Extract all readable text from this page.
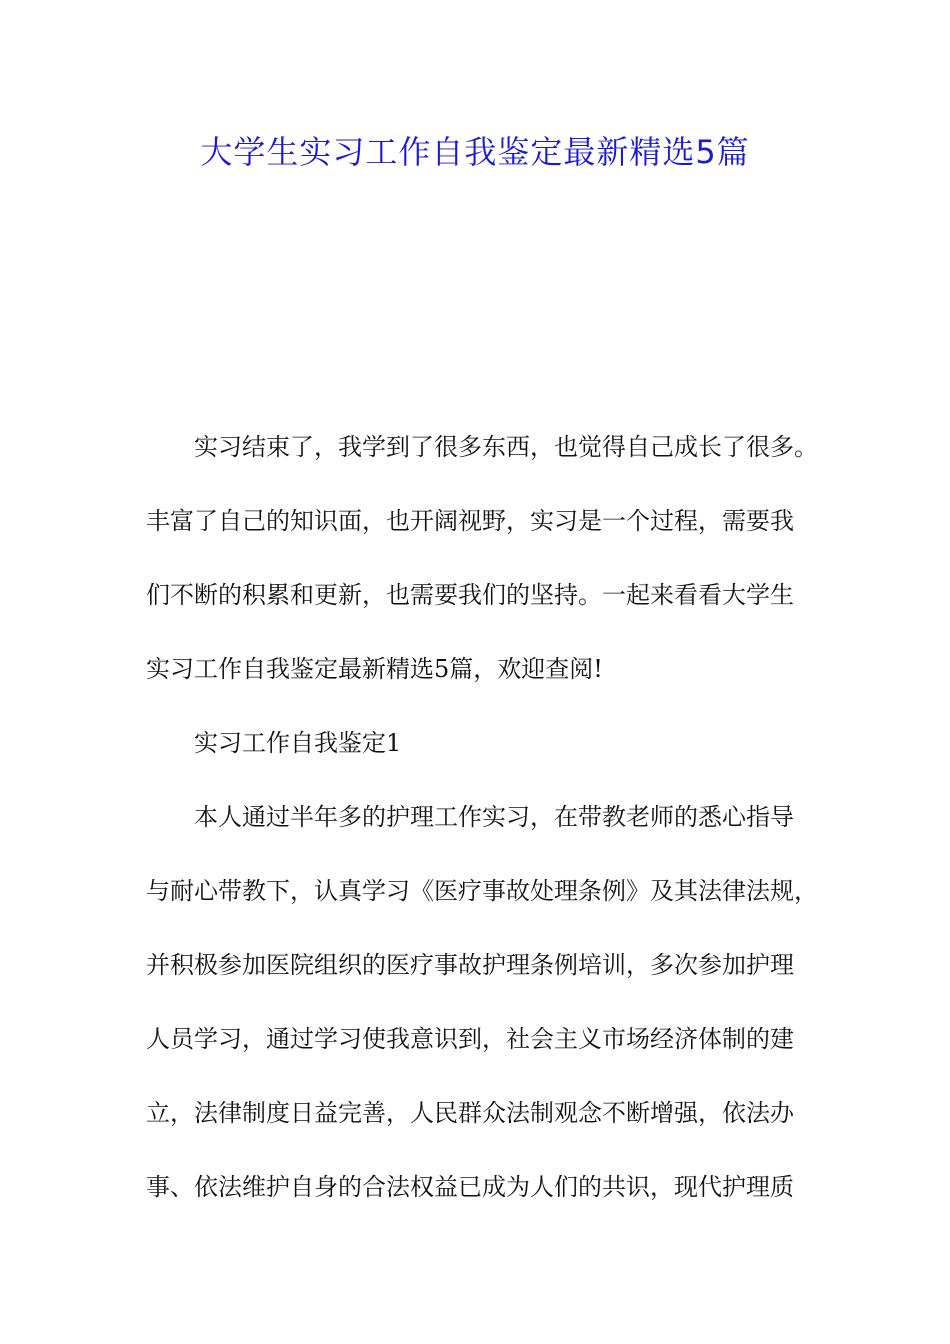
大学生实习工作自我鉴定最新精选5篇
实习结束了，我学到了很多东西，也觉得自己成长了很多。
丰富了自己的知识面，也开阔视野，实习是一个过程，需要我
们不断的积累和更新，也需要我们的坚持。一起来看看大学生
实习工作自我鉴定最新精选5篇，欢迎查阅!
实习工作自我鉴定1
本人通过半年多的护理工作实习，在带教老师的悉心指导
与耐心带教下，认真学习《医疗事故处理条例》及其法律法规，
并积极参加医院组织的医疗事故护理条例培训，多次参加护理
人员学习，通过学习使我意识到，社会主义市场经济体制的建
立，法律制度日益完善，人民群众法制观念不断增强，依法办
事、依法维护自身的合法权益已成为人们的共识，现代护理质
